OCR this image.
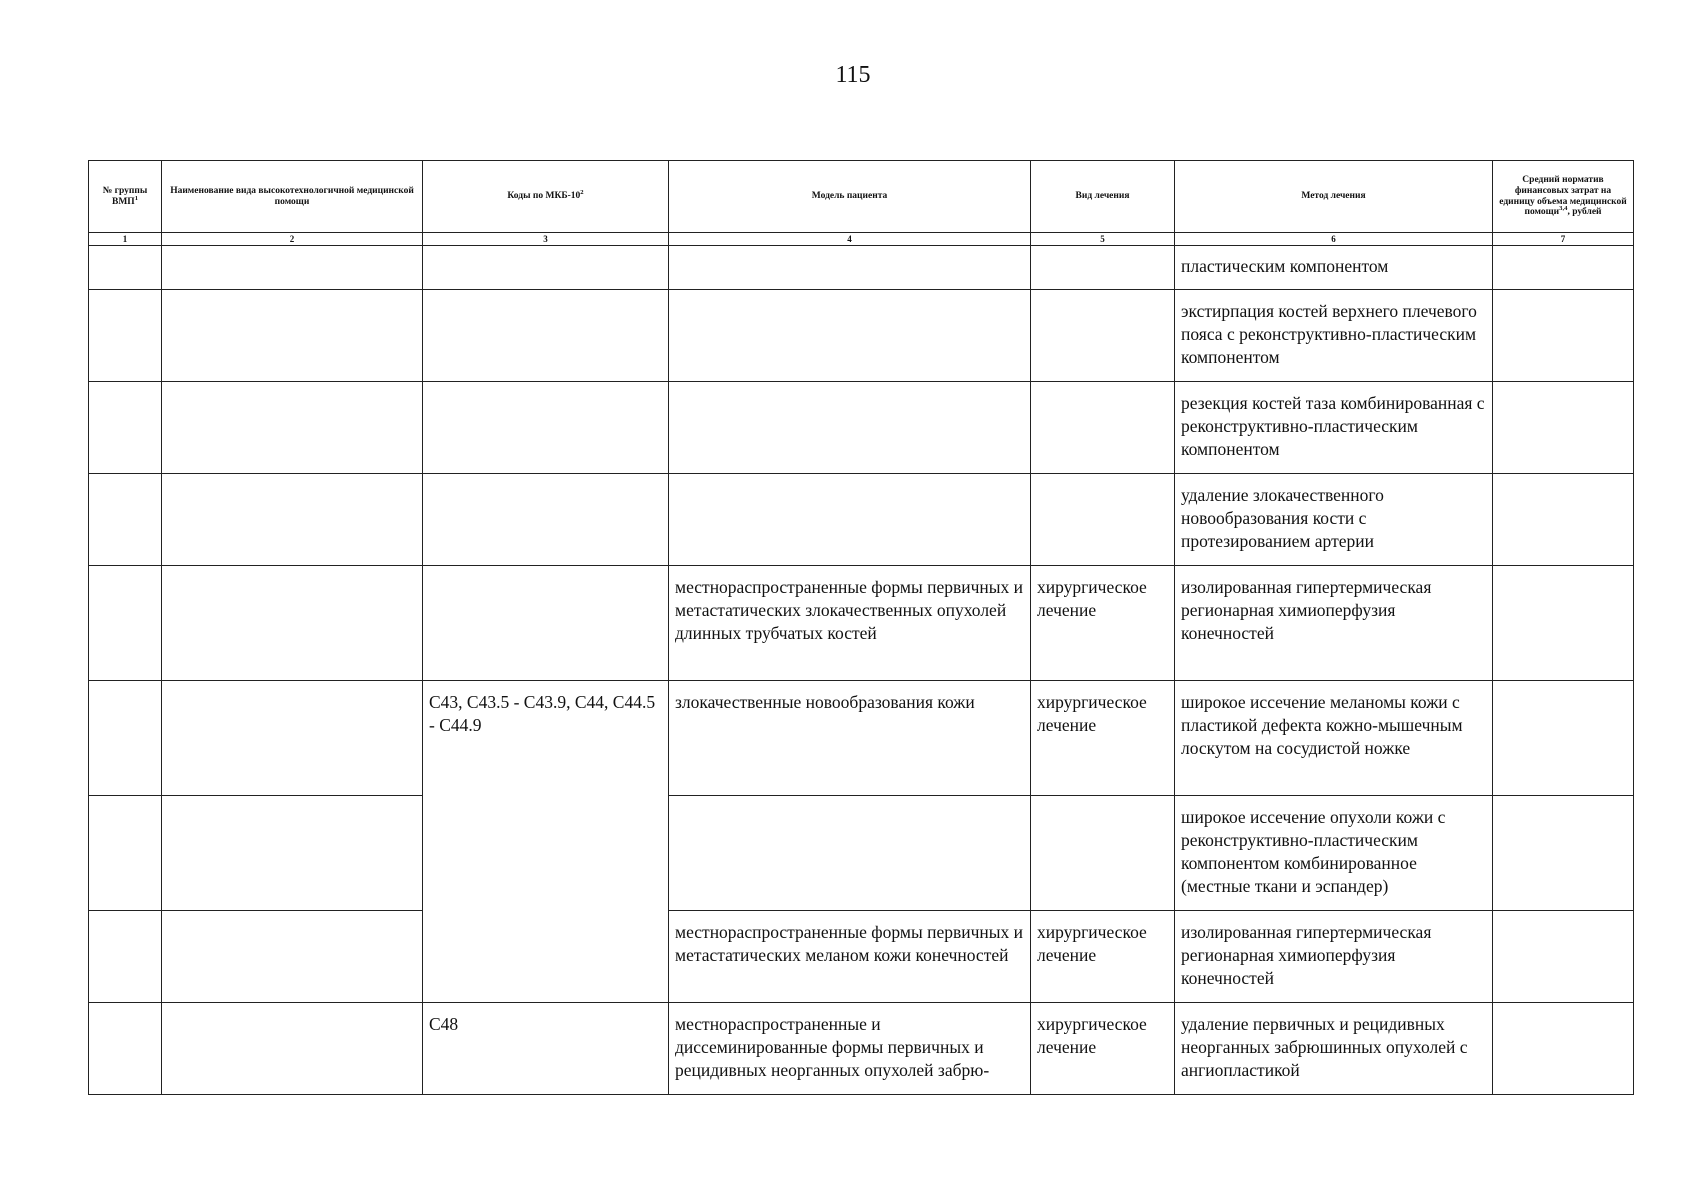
115
№ группы ВМП$^1$	Наименование вида высокотехнологичной медицинской помощи	Коды по МКБ-$10^2$	Модель пациента	Вид лечения	Метод лечения	Средний норматив финансовых затрат на единицу объема медицинской помощи$^{3,4}$, рублей
1	2	3	4	5	6	7

					пластическим компонентом	

					экстирпация костей верхнего плечевого пояса с реконструктивно-пластическим компонентом	

					резекция костей таза комбинированная с реконструктивно-пластическим компонентом	

					удаление злокачественного новообразования кости с протезированием артерии	

			местнораспространенные формы первичных и метастатических злокачественных опухолей длинных трубчатых костей	хирургическое лечение	изолированная гипертермическая регионарная химиоперфузия конечностей	

		C43, C43.5 - C43.9, C44, C44.5 - C44.9	злокачественные новообразования кожи	хирургическое лечение	широкое иссечение меланомы кожи с пластикой дефекта кожно-мышечным лоскутом на сосудистой ножке	

					широкое иссечение опухоли кожи с реконструктивно-пластическим компонентом комбинированное (местные ткани и эспандер)	

			местнораспространенные формы первичных и метастатических меланом кожи конечностей	хирургическое лечение	изолированная гипертермическая регионарная химиоперфузия конечностей	

		C48	местнораспространенные и диссеминированные формы первичных и рецидивных неорганных опухолей забрю-	хирургическое лечение	удаление первичных и рецидивных неорганных забрюшинных опухолей с ангиопластикой	
